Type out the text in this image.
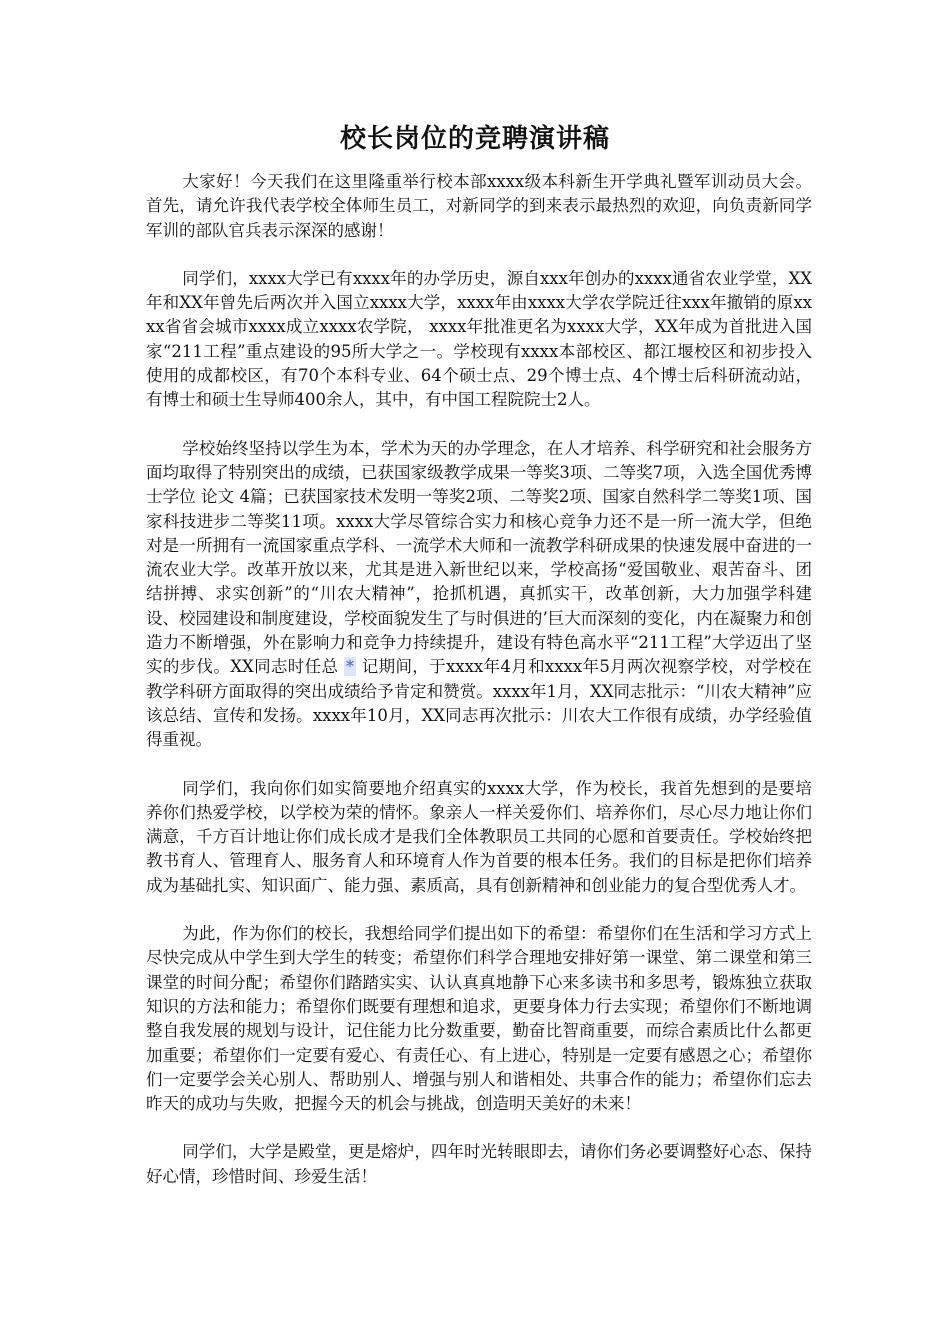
校长岗位的竞聘演讲稿

大家好！今天我们在这里隆重举行校本部xxxx级本科新生开学典礼暨军训动员大会。首先，请允许我代表学校全体师生员工，对新同学的到来表示最热烈的欢迎，向负责新同学军训的部队官兵表示深深的感谢！

同学们，xxxx大学已有xxxx年的办学历史，源自xxx年创办的xxxx通省农业学堂，XX年和XX年曾先后两次并入国立xxxx大学，xxxx年由xxxx大学农学院迁往xxx年撤销的原xxxx省省会城市xxxx成立xxxx农学院， xxxx年批准更名为xxxx大学，XX年成为首批进入国家“211工程”重点建设的95所大学之一。学校现有xxxx本部校区、都江堰校区和初步投入使用的成都校区，有70个本科专业、64个硕士点、29个博士点、4个博士后科研流动站，有博士和硕士生导师400余人，其中，有中国工程院院士2人。

学校始终坚持以学生为本，学术为天的办学理念，在人才培养、科学研究和社会服务方面均取得了特别突出的成绩，已获国家级教学成果一等奖3项、二等奖7项，入选全国优秀博士学位 论文 4篇；已获国家技术发明一等奖2项、二等奖2项、国家自然科学二等奖1项、国家科技进步二等奖11项。xxxx大学尽管综合实力和核心竞争力还不是一所一流大学，但绝对是一所拥有一流国家重点学科、一流学术大师和一流教学科研成果的快速发展中奋进的一流农业大学。改革开放以来，尤其是进入新世纪以来，学校高扬“爱国敬业、艰苦奋斗、团结拼搏、求实创新”的“川农大精神”，抢抓机遇，真抓实干，改革创新，大力加强学科建设、校园建设和制度建设，学校面貌发生了与时俱进的’巨大而深刻的变化，内在凝聚力和创造力不断增强，外在影响力和竞争力持续提升，建设有特色高水平“211工程”大学迈出了坚实的步伐。XX同志时任总 * 记期间，于xxxx年4月和xxxx年5月两次视察学校，对学校在教学科研方面取得的突出成绩给予肯定和赞赏。xxxx年1月，XX同志批示：“川农大精神”应该总结、宣传和发扬。xxxx年10月，XX同志再次批示：川农大工作很有成绩，办学经验值得重视。

同学们，我向你们如实简要地介绍真实的xxxx大学，作为校长，我首先想到的是要培养你们热爱学校，以学校为荣的情怀。象亲人一样关爱你们、培养你们，尽心尽力地让你们满意，千方百计地让你们成长成才是我们全体教职员工共同的心愿和首要责任。学校始终把教书育人、管理育人、服务育人和环境育人作为首要的根本任务。我们的目标是把你们培养成为基础扎实、知识面广、能力强、素质高，具有创新精神和创业能力的复合型优秀人才。

为此，作为你们的校长，我想给同学们提出如下的希望：希望你们在生活和学习方式上尽快完成从中学生到大学生的转变；希望你们科学合理地安排好第一课堂、第二课堂和第三课堂的时间分配；希望你们踏踏实实、认认真真地静下心来多读书和多思考，锻炼独立获取知识的方法和能力；希望你们既要有理想和追求，更要身体力行去实现；希望你们不断地调整自我发展的规划与设计，记住能力比分数重要，勤奋比智商重要，而综合素质比什么都更加重要；希望你们一定要有爱心、有责任心、有上进心，特别是一定要有感恩之心；希望你们一定要学会关心别人、帮助别人、增强与别人和谐相处、共事合作的能力；希望你们忘去昨天的成功与失败，把握今天的机会与挑战，创造明天美好的未来！

同学们，大学是殿堂，更是熔炉，四年时光转眼即去，请你们务必要调整好心态、保持好心情，珍惜时间、珍爱生活！
